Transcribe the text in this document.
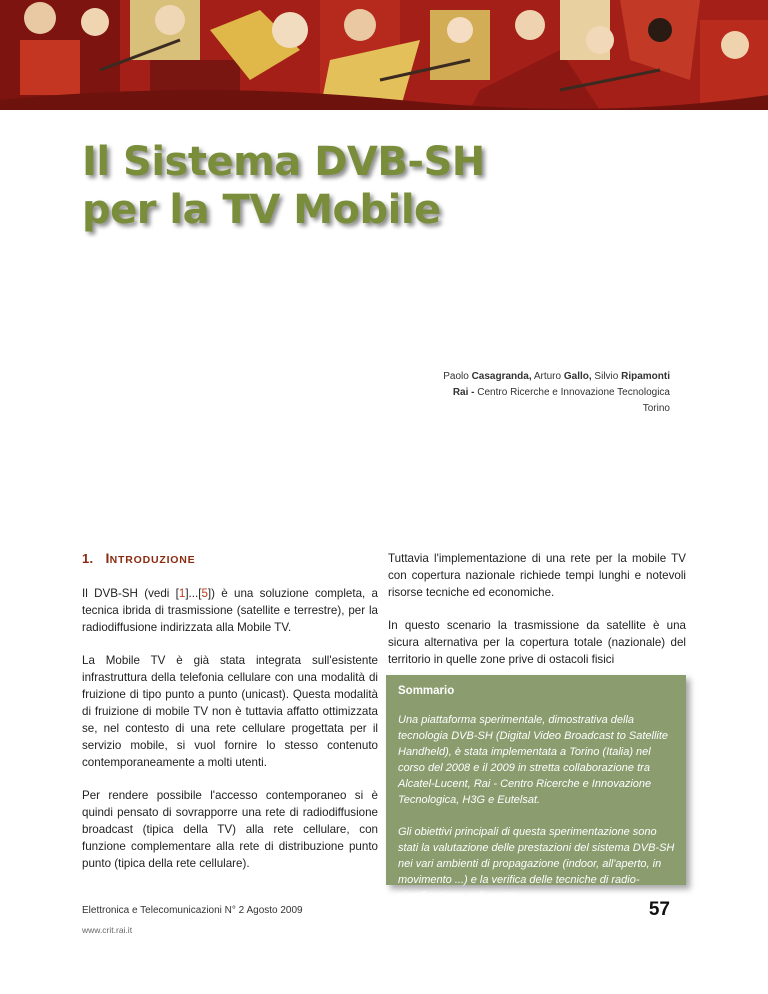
Il Sistema DVB-SH
per la TV Mobile
Paolo Casagranda, Arturo Gallo, Silvio Ripamonti
Rai - Centro Ricerche e Innovazione Tecnologica
Torino
1. INTRODUZIONE

Il DVB-SH (vedi [1]...[5]) è una soluzione completa, a tecnica ibrida di trasmissione (satellite e terrestre), per la radiodiffusione indirizzata alla Mobile TV.

La Mobile TV è già stata integrata sull'esistente infrastruttura della telefonia cellulare con una modalità di fruizione di tipo punto a punto (unicast). Questa modalità di fruizione di mobile TV non è tuttavia affatto ottimizzata se, nel contesto di una rete cellulare progettata per il servizio mobile, si vuol fornire lo stesso contenuto contemporaneamente a molti utenti.

Per rendere possibile l'accesso contemporaneo si è quindi pensato di sovrapporre una rete di radiodiffusione broadcast (tipica della TV) alla rete cellulare, con funzione complementare alla rete di distribuzione punto punto (tipica della rete cellulare).

Tuttavia l'implementazione di una rete per la mobile TV con copertura nazionale richiede tempi lunghi e notevoli risorse tecniche ed economiche.

In questo scenario la trasmissione da satellite è una sicura alternativa per la copertura totale (nazionale) del territorio in quelle zone prive di ostacoli fisici

Sommario
Una piattaforma sperimentale, dimostrativa della tecnologia DVB-SH (Digital Video Broadcast to Satellite Handheld), è stata implementata a Torino (Italia) nel corso del 2008 e il 2009 in stretta collaborazione tra Alcatel-Lucent, Rai - Centro Ricerche e Innovazione Tecnologica, H3G e Eutelsat.
Gli obiettivi principali di questa sperimentazione sono stati la valutazione delle prestazioni del sistema DVB-SH nei vari ambienti di propagazione (indoor, all'aperto, in movimento ...) e la verifica delle tecniche di radio-pianificazione sviluppate
Elettronica e Telecomunicazioni N° 2 Agosto 2009
www.crit.rai.it
57
